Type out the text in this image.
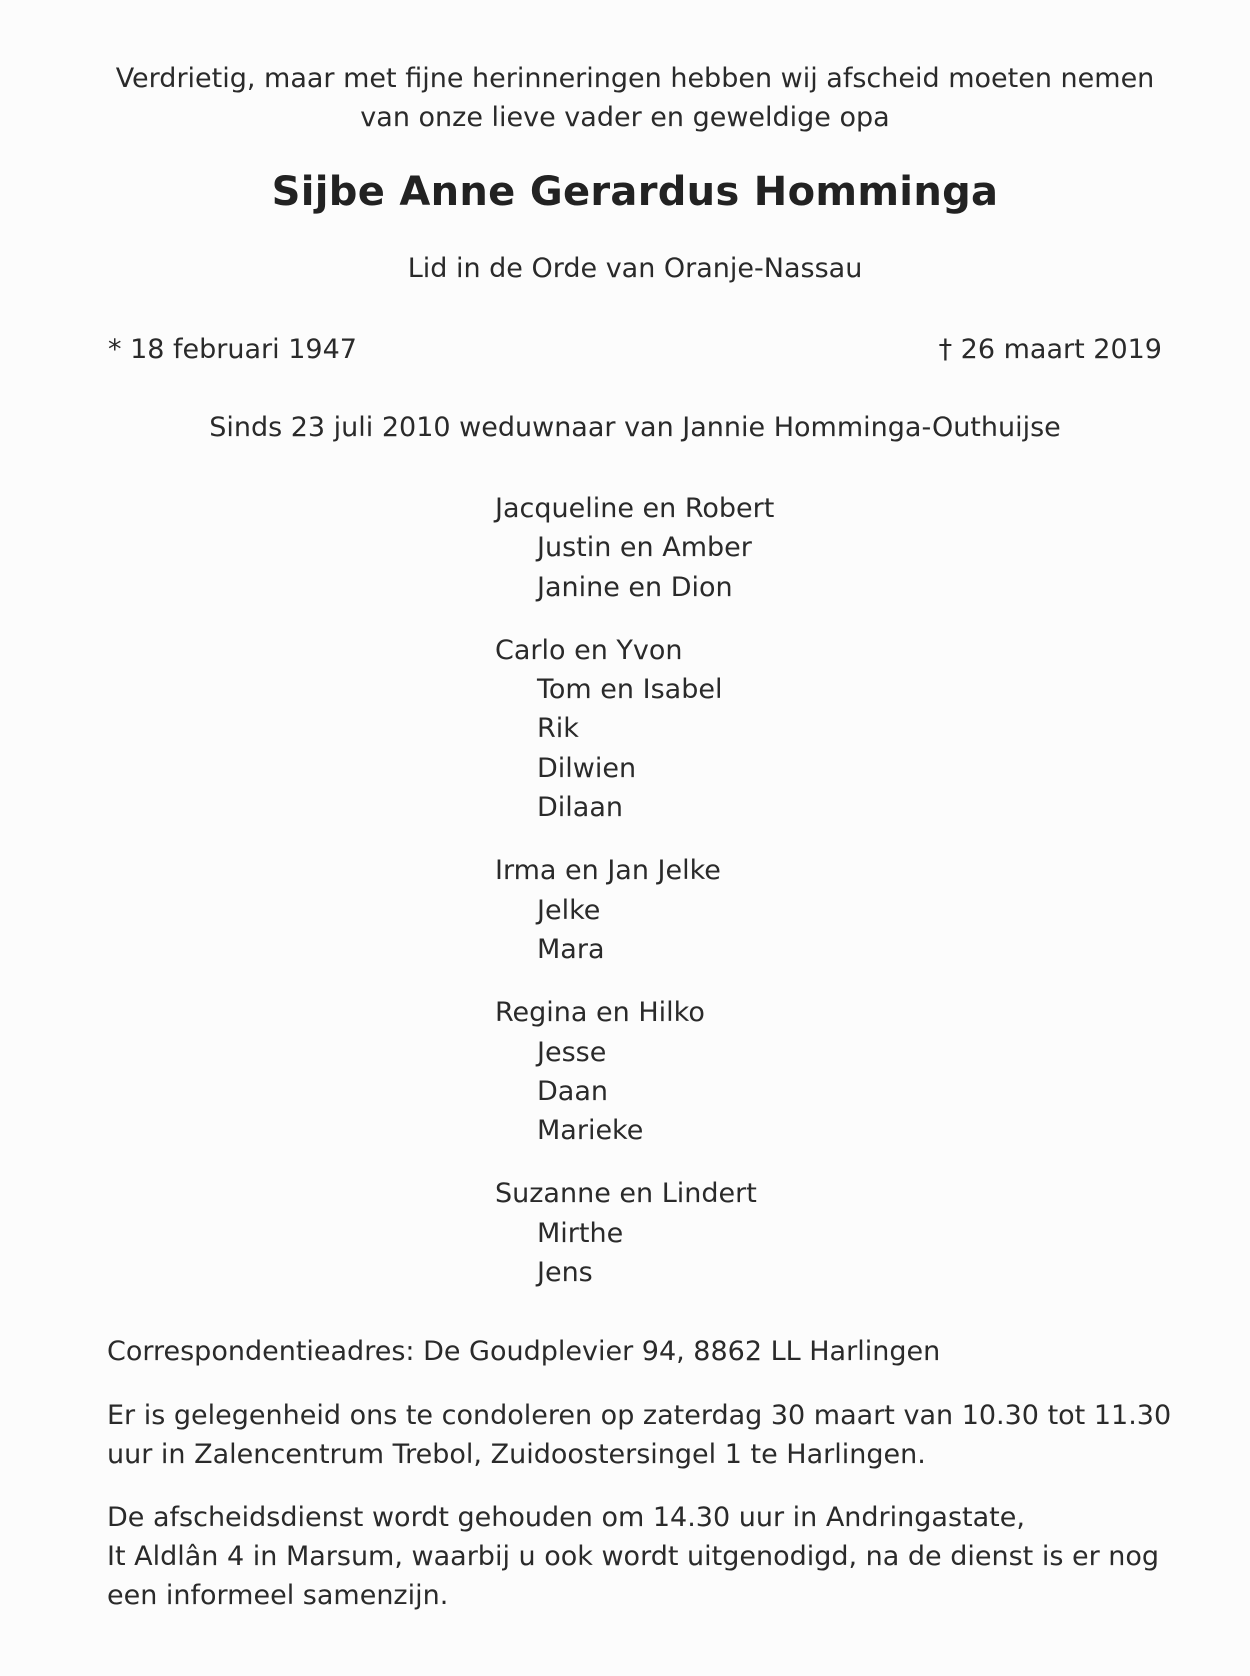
Verdrietig, maar met fijne herinneringen hebben wij afscheid moeten nemen
van onze lieve vader en geweldige opa
Sijbe Anne Gerardus Homminga
Lid in de Orde van Oranje-Nassau
* 18 februari 1947	† 26 maart 2019
Sinds 23 juli 2010 weduwnaar van Jannie Homminga-Outhuijse
Jacqueline en Robert
Justin en Amber
Janine en Dion
Carlo en Yvon
Tom en Isabel
Rik
Dilwien
Dilaan
Irma en Jan Jelke
Jelke
Mara
Regina en Hilko
Jesse
Daan
Marieke
Suzanne en Lindert
Mirthe
Jens
Correspondentieadres: De Goudplevier 94, 8862 LL Harlingen
Er is gelegenheid ons te condoleren op zaterdag 30 maart van 10.30 tot 11.30
uur in Zalencentrum Trebol, Zuidoostersingel 1 te Harlingen.
De afscheidsdienst wordt gehouden om 14.30 uur in Andringastate,
It Aldlân 4 in Marsum, waarbij u ook wordt uitgenodigd, na de dienst is er nog
een informeel samenzijn.
